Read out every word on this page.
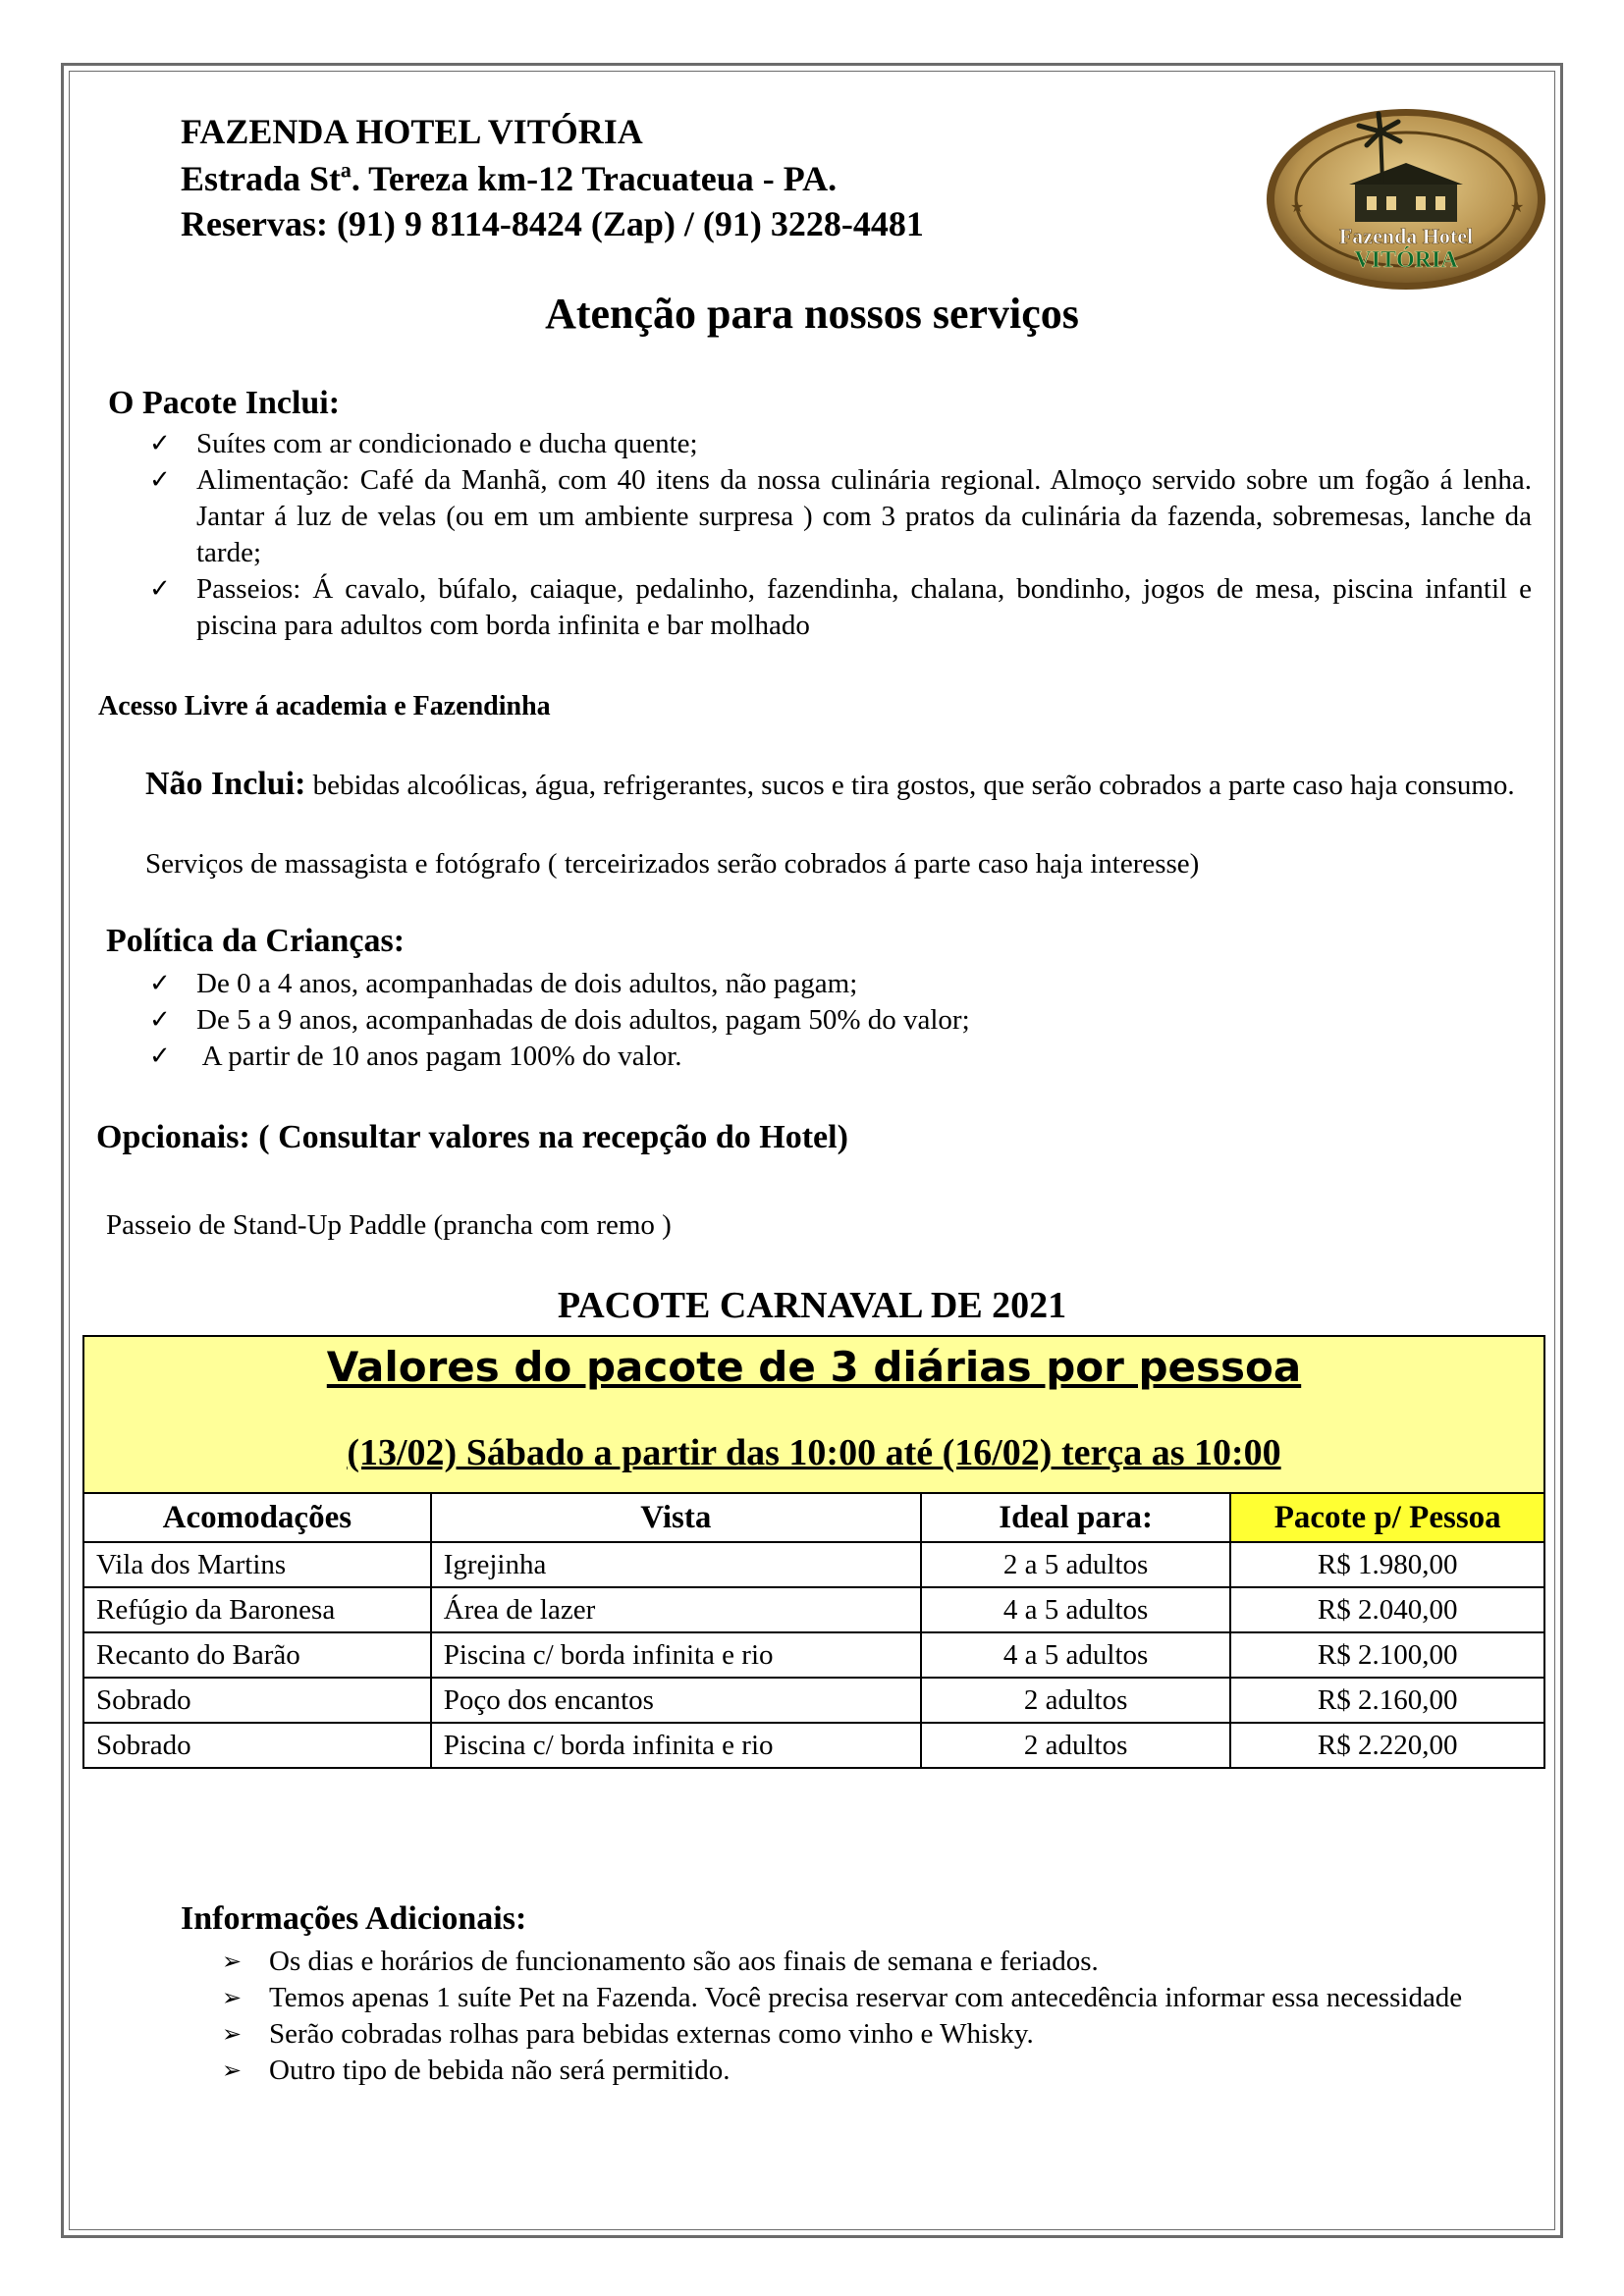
FAZENDA HOTEL VITÓRIA
Estrada Stª. Tereza km-12 Tracuateua - PA.
Reservas: (91) 9 8114-8424 (Zap) / (91) 3228-4481	★	★
Fazenda Hotel
VITÓRIA
Atenção para nossos serviços
O Pacote Inclui:
✓ Suítes com ar condicionado e ducha quente;
✓ Alimentação: Café da Manhã, com 40 itens da nossa culinária regional. Almoço servido sobre um fogão á lenha. Jantar á luz de velas (ou em um ambiente surpresa ) com 3 pratos da culinária da fazenda, sobremesas, lanche da tarde;
✓ Passeios: Á cavalo, búfalo, caiaque, pedalinho, fazendinha, chalana, bondinho, jogos de mesa, piscina infantil e piscina para adultos com borda infinita e bar molhado
Acesso Livre á academia e Fazendinha
Não Inclui: bebidas alcoólicas, água, refrigerantes, sucos e tira gostos, que serão cobrados a parte caso haja consumo.
Serviços de massagista e fotógrafo ( terceirizados serão cobrados á parte caso haja interesse)
Política da Crianças:
✓ De 0 a 4 anos, acompanhadas de dois adultos, não pagam;
✓ De 5 a 9 anos, acompanhadas de dois adultos, pagam 50% do valor;
✓ A partir de 10 anos pagam 100% do valor.
Opcionais: ( Consultar valores na recepção do Hotel)
Passeio de Stand-Up Paddle (prancha com remo )
PACOTE CARNAVAL DE 2021
Valores do pacote de 3 diárias por pessoa
(13/02) Sábado a partir das 10:00 até (16/02) terça as 10:00
Acomodações	Vista	Ideal para:	Pacote p/ Pessoa
Vila dos Martins	Igrejinha	2 a 5 adultos	R$ 1.980,00
Refúgio da Baronesa	Área de lazer	4 a 5 adultos	R$ 2.040,00
Recanto do Barão	Piscina c/ borda infinita e rio	4 a 5 adultos	R$ 2.100,00
Sobrado	Poço dos encantos	2 adultos	R$ 2.160,00
Sobrado	Piscina c/ borda infinita e rio	2 adultos	R$ 2.220,00
Informações Adicionais:
➢ Os dias e horários de funcionamento são aos finais de semana e feriados.
➢ Temos apenas 1 suíte Pet na Fazenda. Você precisa reservar com antecedência informar essa necessidade
➢ Serão cobradas rolhas para bebidas externas como vinho e Whisky.
➢ Outro tipo de bebida não será permitido.
